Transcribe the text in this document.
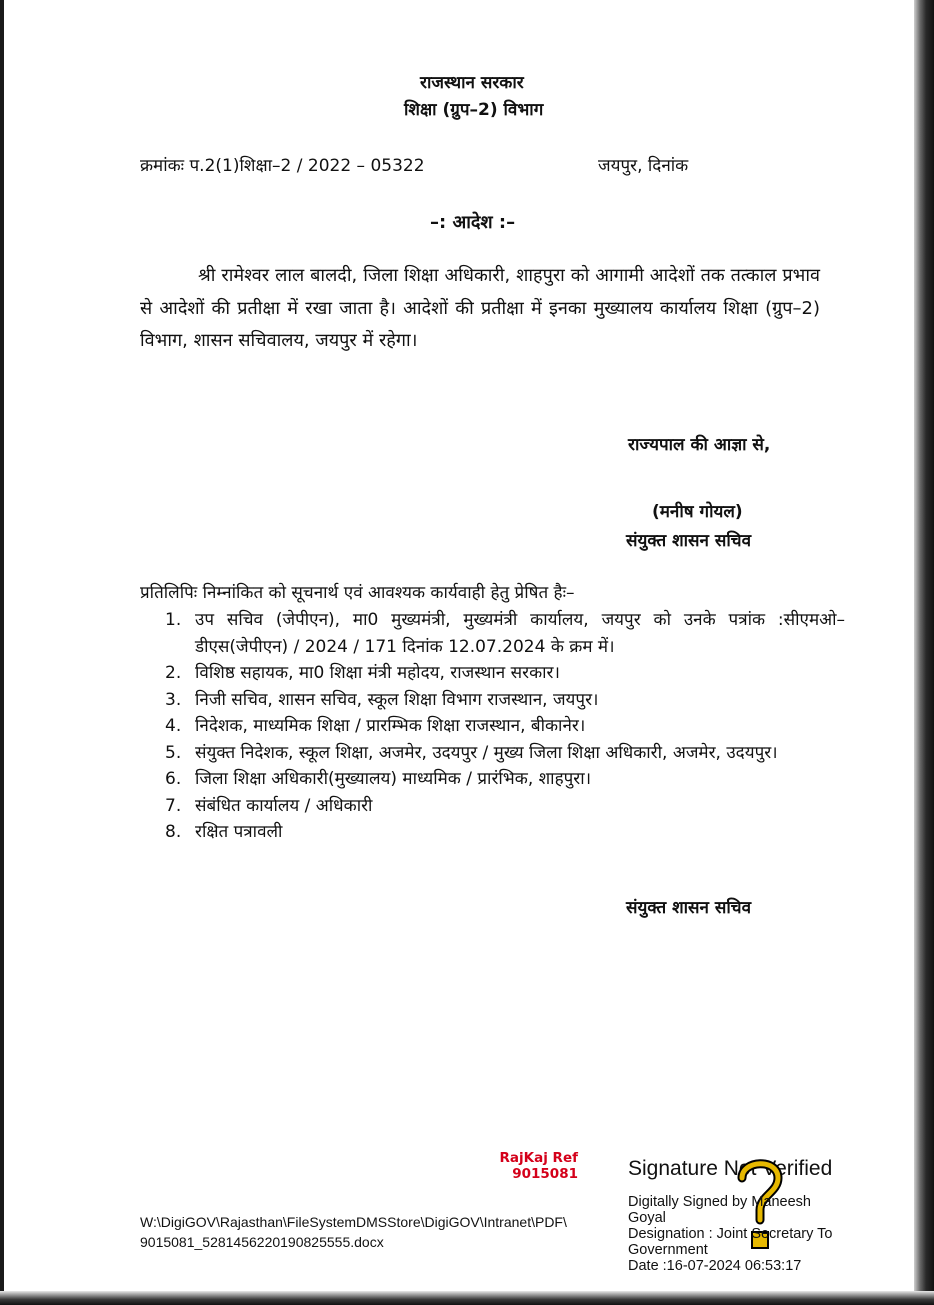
राजस्थान सरकार
शिक्षा (ग्रुप–2) विभाग
क्रमांकः प.2(1)शिक्षा–2 / 2022 – 05322	जयपुर, दिनांक
–: आदेश :–
श्री रामेश्वर लाल बालदी, जिला शिक्षा अधिकारी, शाहपुरा को आगामी आदेशों तक तत्काल प्रभाव से आदेशों की प्रतीक्षा में रखा जाता है। आदेशों की प्रतीक्षा में इनका मुख्यालय कार्यालय शिक्षा (ग्रुप–2) विभाग, शासन सचिवालय, जयपुर में रहेगा।
राज्यपाल की आज्ञा से,
(मनीष गोयल)
संयुक्त शासन सचिव
प्रतिलिपिः निम्नांकित को सूचनार्थ एवं आवश्यक कार्यवाही हेतु प्रेषित हैः–
1. उप सचिव (जेपीएन), मा0 मुख्यमंत्री, मुख्यमंत्री कार्यालय, जयपुर को उनके पत्रांक :सीएमओ–डीएस(जेपीएन) / 2024 / 171 दिनांक 12.07.2024 के क्रम में।
2. विशिष्ठ सहायक, मा0 शिक्षा मंत्री महोदय, राजस्थान सरकार।
3. निजी सचिव, शासन सचिव, स्कूल शिक्षा विभाग राजस्थान, जयपुर।
4. निदेशक, माध्यमिक शिक्षा / प्रारम्भिक शिक्षा राजस्थान, बीकानेर।
5. संयुक्त निदेशक, स्कूल शिक्षा, अजमेर, उदयपुर / मुख्य जिला शिक्षा अधिकारी, अजमेर, उदयपुर।
6. जिला शिक्षा अधिकारी(मुख्यालय) माध्यमिक / प्रारंभिक, शाहपुरा।
7. संबंधित कार्यालय / अधिकारी
8. रक्षित पत्रावली
संयुक्त शासन सचिव
RajKaj Ref
9015081
W:\DigiGOV\Rajasthan\FileSystemDMSStore\DigiGOV\Intranet\PDF\
9015081_5281456220190825555.docx
Signature Not Verified
Digitally Signed by Maneesh
Goyal
Designation : Joint Secretary To
Government
Date :16-07-2024 06:53:17
